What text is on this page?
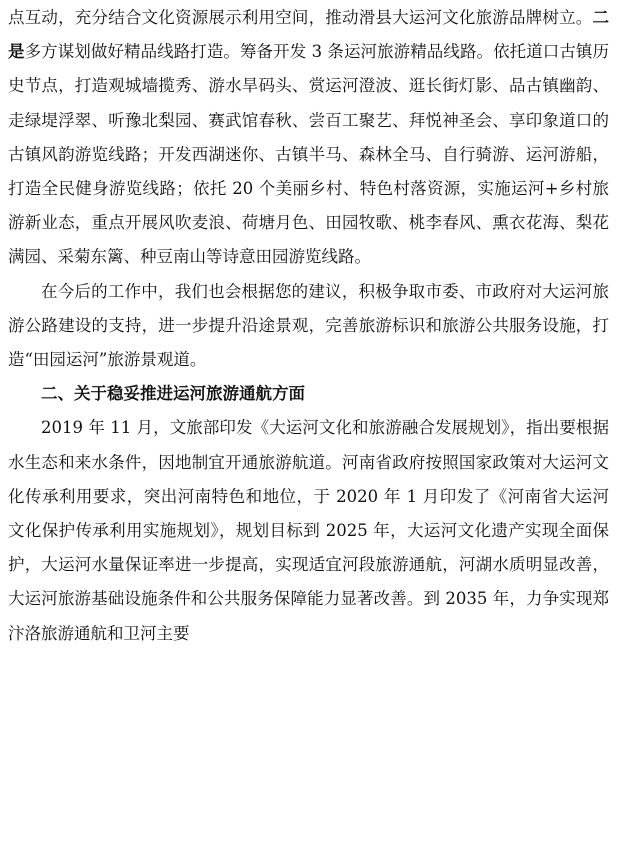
点互动，充分结合文化资源展示利用空间，推动滑县大运河文化旅游品牌树立。二是多方谋划做好精品线路打造。筹备开发 3 条运河旅游精品线路。依托道口古镇历史节点，打造观城墙揽秀、游水旱码头、赏运河澄波、逛长街灯影、品古镇幽韵、走绿堤浮翠、听豫北梨园、赛武馆春秋、尝百工聚艺、拜悦神圣会、享印象道口的古镇风韵游览线路；开发西湖迷你、古镇半马、森林全马、自行骑游、运河游船，打造全民健身游览线路；依托 20 个美丽乡村、特色村落资源，实施运河+乡村旅游新业态，重点开展风吹麦浪、荷塘月色、田园牧歌、桃李春风、熏衣花海、梨花满园、采菊东篱、种豆南山等诗意田园游览线路。

在今后的工作中，我们也会根据您的建议，积极争取市委、市政府对大运河旅游公路建设的支持，进一步提升沿途景观，完善旅游标识和旅游公共服务设施，打造“田园运河”旅游景观道。

二、关于稳妥推进运河旅游通航方面

2019 年 11 月，文旅部印发《大运河文化和旅游融合发展规划》，指出要根据水生态和来水条件，因地制宜开通旅游航道。河南省政府按照国家政策对大运河文化传承利用要求，突出河南特色和地位，于 2020 年 1 月印发了《河南省大运河文化保护传承利用实施规划》，规划目标到 2025 年，大运河文化遗产实现全面保护，大运河水量保证率进一步提高，实现适宜河段旅游通航，河湖水质明显改善，大运河旅游基础设施条件和公共服务保障能力显著改善。到 2035 年，力争实现郑汴洛旅游通航和卫河主要
